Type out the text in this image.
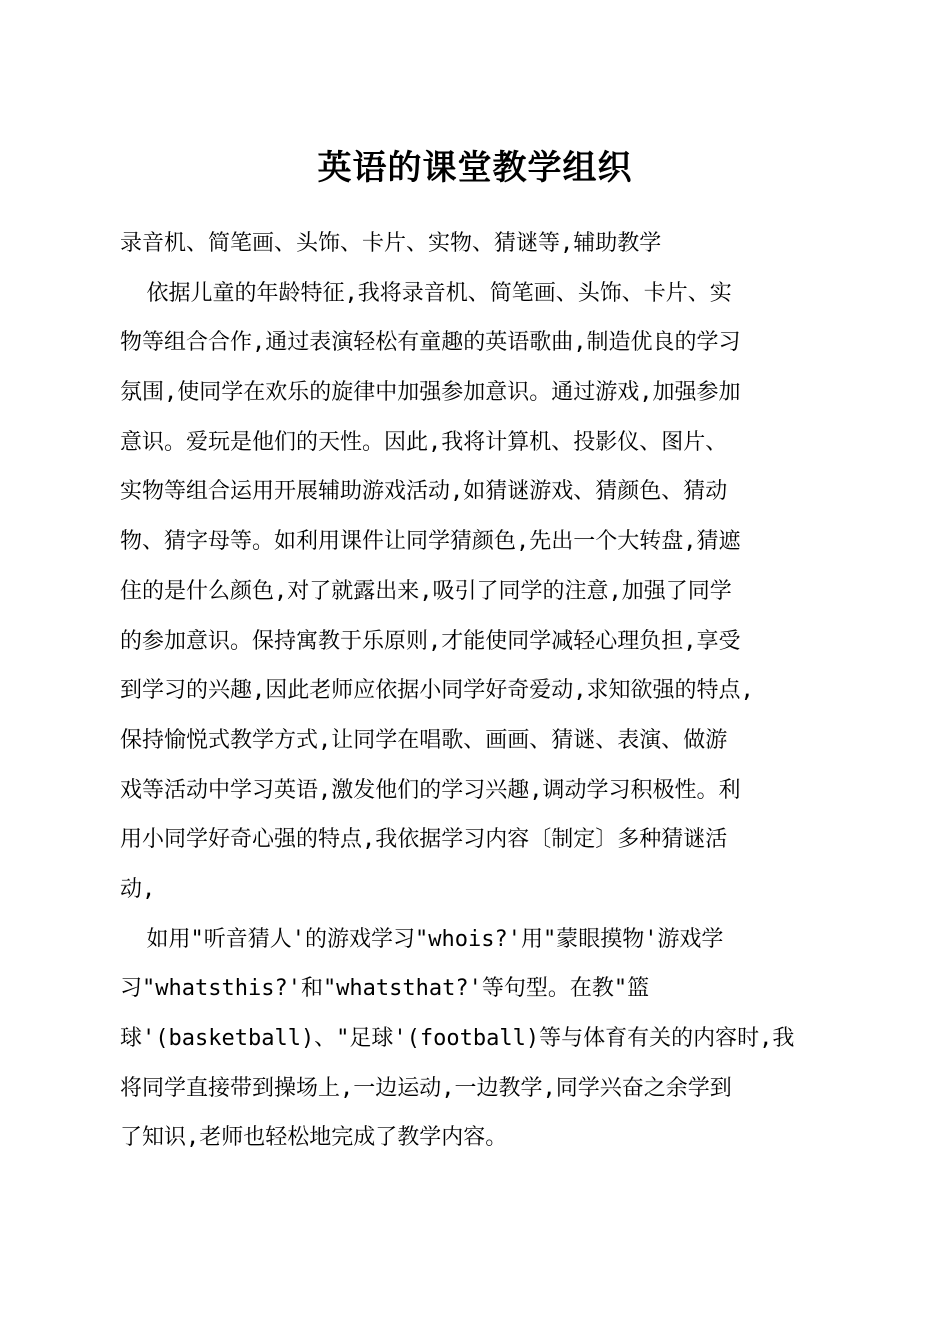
英语的课堂教学组织
录音机、简笔画、头饰、卡片、实物、猜谜等,辅助教学
依据儿童的年龄特征,我将录音机、简笔画、头饰、卡片、实
物等组合合作,通过表演轻松有童趣的英语歌曲,制造优良的学习
氛围,使同学在欢乐的旋律中加强参加意识。通过游戏,加强参加
意识。爱玩是他们的天性。因此,我将计算机、投影仪、图片、
实物等组合运用开展辅助游戏活动,如猜谜游戏、猜颜色、猜动
物、猜字母等。如利用课件让同学猜颜色,先出一个大转盘,猜遮
住的是什么颜色,对了就露出来,吸引了同学的注意,加强了同学
的参加意识。保持寓教于乐原则,才能使同学减轻心理负担,享受
到学习的兴趣,因此老师应依据小同学好奇爱动,求知欲强的特点,
保持愉悦式教学方式,让同学在唱歌、画画、猜谜、表演、做游
戏等活动中学习英语,激发他们的学习兴趣,调动学习积极性。利
用小同学好奇心强的特点,我依据学习内容〔制定〕多种猜谜活
动,
如用"听音猜人'的游戏学习"whois?'用"蒙眼摸物'游戏学
习"whatsthis?'和"whatsthat?'等句型。在教"篮
球'(basketball)、"足球'(football)等与体育有关的内容时,我
将同学直接带到操场上,一边运动,一边教学,同学兴奋之余学到
了知识,老师也轻松地完成了教学内容。
